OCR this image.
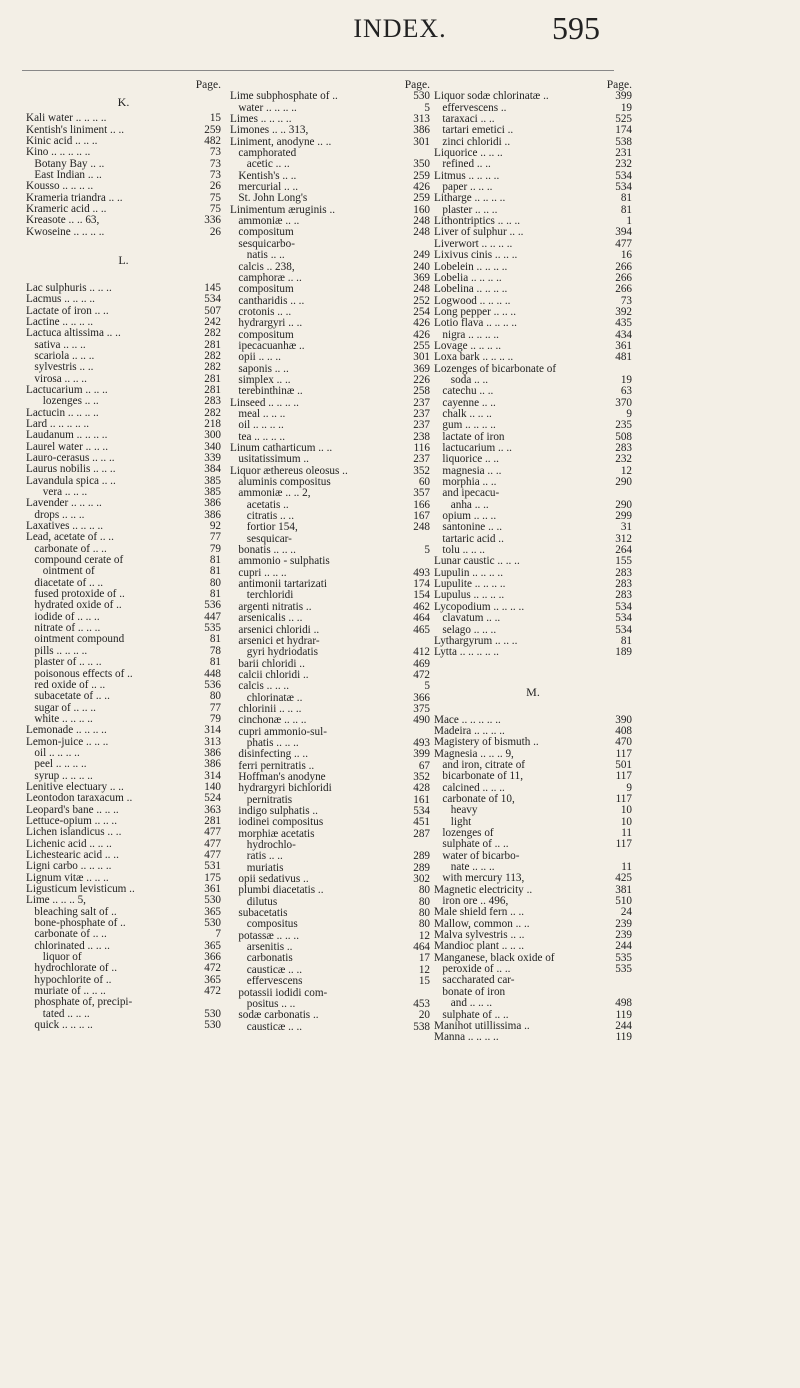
INDEX.	595
Page.
K.
Kali water .. .. .. ..	15
Kentish's liniment .. ..	259
Kinic acid .. .. ..	482
Kino .. .. .. .. ..	73
Botany Bay .. ..	73
East Indian .. ..	73
Kousso .. .. .. ..	26
Krameria triandra .. ..	75
Krameric acid .. ..	75
Kreasote .. .. 63,	336
Kwoseine .. .. .. ..	26
L.
Lac sulphuris .. .. ..	145
Lacmus .. .. .. ..	534
Lactate of iron .. ..	507
Lactine .. .. .. ..	242
Lactuca altissima .. ..	282
sativa .. .. ..	281
scariola .. .. ..	282
sylvestris .. ..	282
virosa .. .. ..	281
Lactucarium .. .. ..	281
lozenges .. ..	283
Lactucin .. .. .. ..	282
Lard .. .. .. .. ..	218
Laudanum .. .. .. ..	300
Laurel water .. .. ..	340
Lauro-cerasus .. .. ..	339
Laurus nobilis .. .. ..	384
Lavandula spica .. ..	385
vera .. .. ..	385
Lavender .. .. .. ..	386
drops .. .. ..	386
Laxatives .. .. .. ..	92
Lead, acetate of .. ..	77
carbonate of .. ..	79
compound cerate of	81
ointment of	81
diacetate of .. ..	80
fused protoxide of ..	81
hydrated oxide of ..	536
iodide of .. .. ..	447
nitrate of .. .. ..	535
ointment compound	81
pills .. .. .. ..	78
plaster of .. .. ..	81
poisonous effects of ..	448
red oxide of .. ..	536
subacetate of .. ..	80
sugar of .. .. ..	77
white .. .. .. ..	79
Lemonade .. .. .. ..	314
Lemon-juice .. .. ..	313
oil .. .. .. ..	386
peel .. .. .. ..	386
syrup .. .. .. ..	314
Lenitive electuary .. ..	140
Leontodon taraxacum ..	524
Leopard's bane .. .. ..	363
Lettuce-opium .. .. ..	281
Lichen islandicus .. ..	477
Lichenic acid .. .. ..	477
Lichestearic acid .. ..	477
Ligni carbo .. .. .. ..	531
Lignum vitæ .. .. ..	175
Ligusticum levisticum ..	361
Lime .. .. .. 5,	530
bleaching salt of ..	365
bone-phosphate of ..	530
carbonate of .. ..	7
chlorinated .. .. ..	365
liquor of	366
hydrochlorate of ..	472
hypochlorite of ..	365
muriate of .. .. ..	472
phosphate of, precipi-
tated .. .. ..	530
quick .. .. .. ..	530
Page.
Lime subphosphate of ..	530
water .. .. .. ..	5
Limes .. .. .. ..	313
Limones .. .. 313,	386
Liniment, anodyne .. ..	301
camphorated
acetic .. ..	350
Kentish's .. ..	259
mercurial .. ..	426
St. John Long's	259
Linimentum æruginis ..	160
ammoniæ .. ..	248
compositum	248
sesquicarbo-
natis .. ..	249
calcis .. 238,	240
camphoræ .. ..	369
compositum	248
cantharidis .. ..	252
crotonis .. ..	254
hydrargyri .. ..	426
compositum	426
ipecacuanhæ ..	255
opii .. .. ..	301
saponis .. ..	369
simplex .. ..	226
terebinthinæ ..	258
Linseed .. .. .. ..	237
meal .. .. ..	237
oil .. .. .. ..	237
tea .. .. .. ..	238
Linum catharticum .. ..	116
usitatissimum ..	237
Liquor æthereus oleosus ..	352
aluminis compositus	60
ammoniæ .. .. 2,	357
acetatis ..	166
citratis .. ..	167
fortior 154,	248
sesquicar-
bonatis .. .. ..	5
ammonio - sulphatis
cupri .. .. ..	493
antimonii tartarizati	174
terchloridi	154
argenti nitratis ..	462
arsenicalis .. ..	464
arsenici chloridi ..	465
arsenici et hydrar-
gyri hydriodatis	412
barii chloridi ..	469
calcii chloridi ..	472
calcis .. .. ..	5
chlorinatæ ..	366
chlorinii .. .. ..	375
cinchonæ .. .. ..	490
cupri ammonio-sul-
phatis .. .. ..	493
disinfecting .. ..	399
ferri pernitratis ..	67
Hoffman's anodyne	352
hydrargyri bichloridi	428
pernitratis	161
indigo sulphatis ..	534
iodinei compositus	451
morphiæ acetatis	287
hydrochlo-
ratis .. ..	289
muriatis	289
opii sedativus ..	302
plumbi diacetatis ..	80
dilutus	80
subacetatis	80
compositus	80
potassæ .. .. ..	12
arsenitis ..	464
carbonatis	17
causticæ .. ..	12
effervescens	15
potassii iodidi com-
positus .. ..	453
sodæ carbonatis ..	20
causticæ .. ..	538
Page.
Liquor sodæ chlorinatæ ..	399
effervescens ..	19
taraxaci .. ..	525
tartari emetici ..	174
zinci chloridi ..	538
Liquorice .. .. ..	231
refined .. ..	232
Litmus .. .. .. ..	534
paper .. .. ..	534
Litharge .. .. .. ..	81
plaster .. .. ..	81
Lithontriptics .. .. ..	1
Liver of sulphur .. ..	394
Liverwort .. .. .. ..	477
Lixivus cinis .. .. ..	16
Lobelein .. .. .. ..	266
Lobelia .. .. .. ..	266
Lobelina .. .. .. ..	266
Logwood .. .. .. ..	73
Long pepper .. .. ..	392
Lotio flava .. .. .. ..	435
nigra .. .. .. ..	434
Lovage .. .. .. ..	361
Loxa bark .. .. .. ..	481
Lozenges of bicarbonate of
soda .. ..	19
catechu .. ..	63
cayenne .. ..	370
chalk .. .. ..	9
gum .. .. .. ..	235
lactate of iron	508
lactucarium .. ..	283
liquorice .. ..	232
magnesia .. ..	12
morphia .. ..	290
and ipecacu-
anha .. ..	290
opium .. .. ..	299
santonine .. ..	31
tartaric acid ..	312
tolu .. .. ..	264
Lunar caustic .. .. ..	155
Lupulin .. .. .. ..	283
Lupulite .. .. .. ..	283
Lupulus .. .. .. ..	283
Lycopodium .. .. .. ..	534
clavatum .. ..	534
selago .. .. ..	534
Lythargyrum .. .. ..	81
Lytta .. .. .. .. ..	189
M.
Mace .. .. .. .. ..	390
Madeira .. .. .. ..	408
Magistery of bismuth ..	470
Magnesia .. .. .. 9,	117
and iron, citrate of	501
bicarbonate of 11,	117
calcined .. .. ..	9
carbonate of 10,	117
heavy	10
light	10
lozenges of	11
sulphate of .. ..	117
water of bicarbo-
nate .. .. ..	11
with mercury 113,	425
Magnetic electricity ..	381
iron ore .. 496,	510
Male shield fern .. ..	24
Mallow, common .. ..	239
Malva sylvestris .. ..	239
Mandioc plant .. .. ..	244
Manganese, black oxide of	535
peroxide of .. ..	535
saccharated car-
bonate of iron
and .. .. ..	498
sulphate of .. ..	119
Manihot utillissima ..	244
Manna .. .. .. ..	119
